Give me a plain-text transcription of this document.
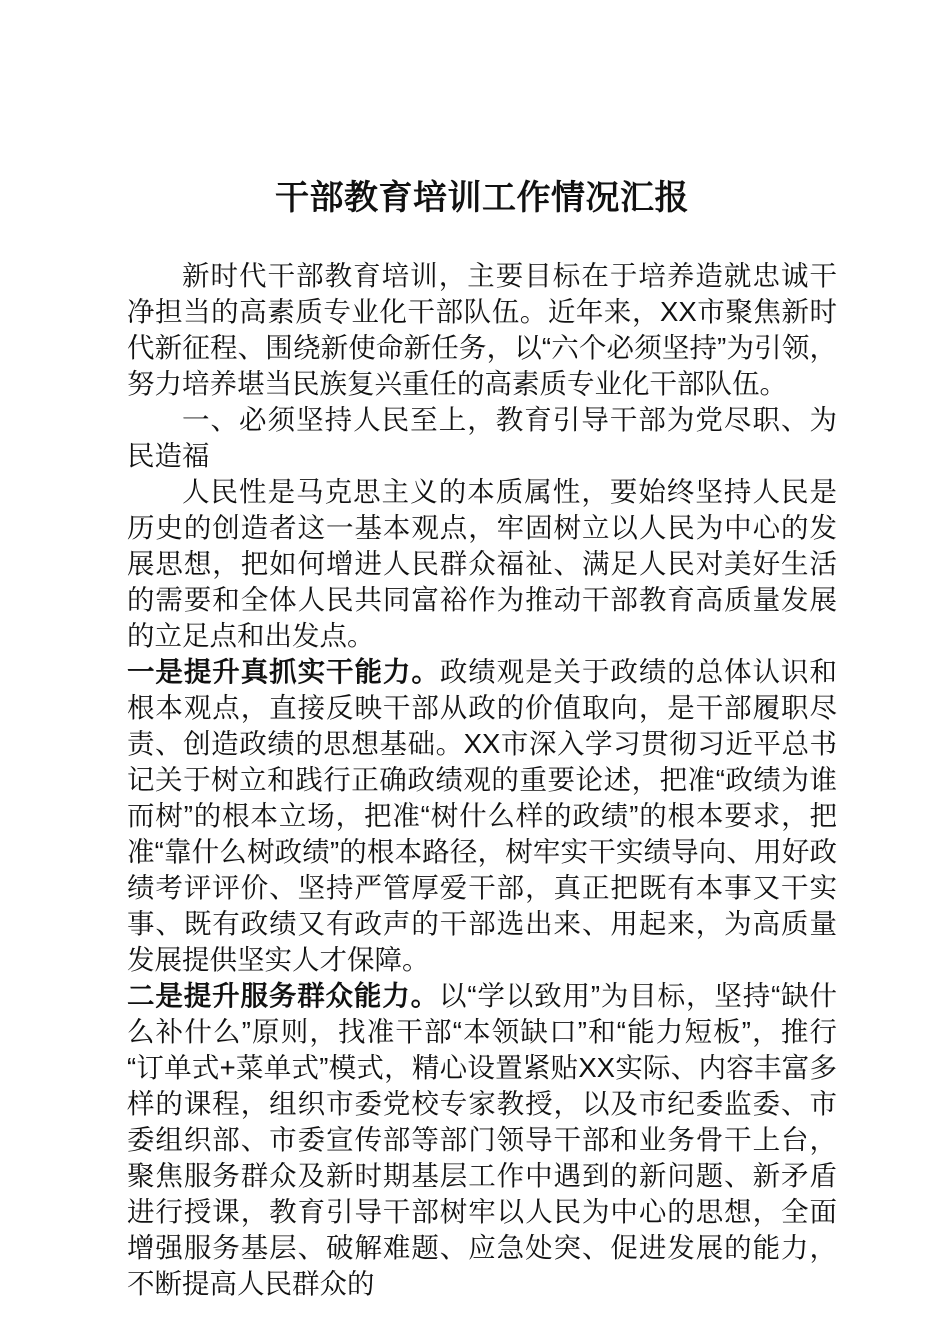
干部教育培训工作情况汇报

新时代干部教育培训，主要目标在于培养造就忠诚干净担当的高素质专业化干部队伍。近年来，XX市聚焦新时代新征程、围绕新使命新任务，以“六个必须坚持”为引领，努力培养堪当民族复兴重任的高素质专业化干部队伍。

一、必须坚持人民至上，教育引导干部为党尽职、为民造福

人民性是马克思主义的本质属性，要始终坚持人民是历史的创造者这一基本观点，牢固树立以人民为中心的发展思想，把如何增进人民群众福祉、满足人民对美好生活的需要和全体人民共同富裕作为推动干部教育高质量发展的立足点和出发点。

一是提升真抓实干能力。政绩观是关于政绩的总体认识和根本观点，直接反映干部从政的价值取向，是干部履职尽责、创造政绩的思想基础。XX市深入学习贯彻习近平总书记关于树立和践行正确政绩观的重要论述，把准“政绩为谁而树”的根本立场，把准“树什么样的政绩”的根本要求，把准“靠什么树政绩”的根本路径，树牢实干实绩导向、用好政绩考评评价、坚持严管厚爱干部，真正把既有本事又干实事、既有政绩又有政声的干部选出来、用起来，为高质量发展提供坚实人才保障。

二是提升服务群众能力。以“学以致用”为目标，坚持“缺什么补什么”原则，找准干部“本领缺口”和“能力短板”，推行“订单式+菜单式”模式，精心设置紧贴XX实际、内容丰富多样的课程，组织市委党校专家教授，以及市纪委监委、市委组织部、市委宣传部等部门领导干部和业务骨干上台，聚焦服务群众及新时期基层工作中遇到的新问题、新矛盾进行授课，教育引导干部树牢以人民为中心的思想，全面增强服务基层、破解难题、应急处突、促进发展的能力，不断提高人民群众的
